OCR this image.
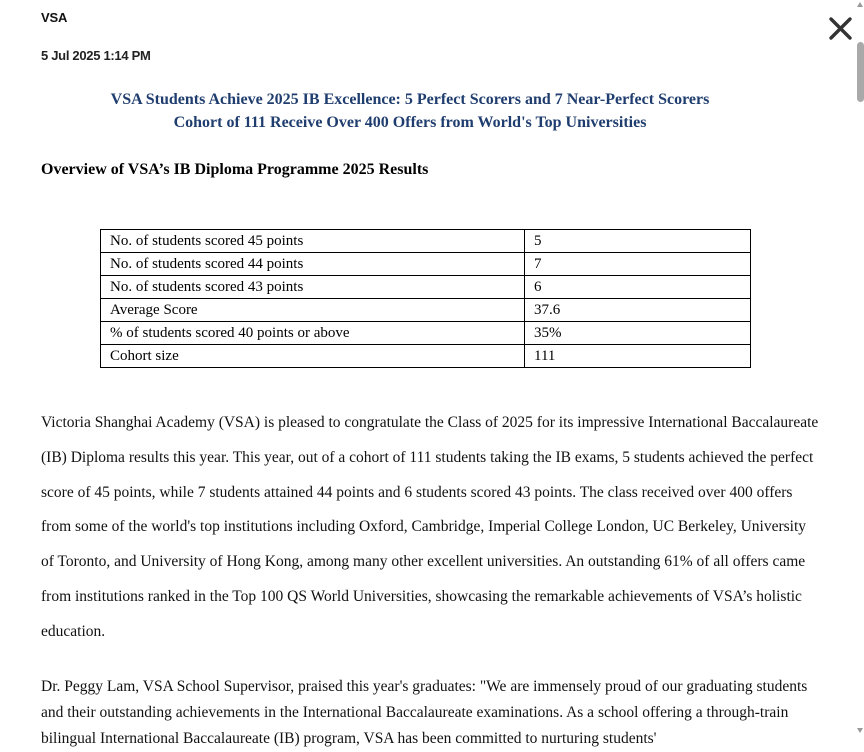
VSA
5 Jul 2025 1:14 PM
VSA Students Achieve 2025 IB Excellence: 5 Perfect Scorers and 7 Near-Perfect Scorers
Cohort of 111 Receive Over 400 Offers from World's Top Universities
Overview of VSA’s IB Diploma Programme 2025 Results
No. of students scored 45 points	5
No. of students scored 44 points	7
No. of students scored 43 points	6
Average Score	37.6
% of students scored 40 points or above	35%
Cohort size	111

Victoria Shanghai Academy (VSA) is pleased to congratulate the Class of 2025 for its impressive International Baccalaureate (IB) Diploma results this year. This year, out of a cohort of 111 students taking the IB exams, 5 students achieved the perfect score of 45 points, while 7 students attained 44 points and 6 students scored 43 points. The class received over 400 offers from some of the world's top institutions including Oxford, Cambridge, Imperial College London, UC Berkeley, University of Toronto, and University of Hong Kong, among many other excellent universities. An outstanding 61% of all offers came from institutions ranked in the Top 100 QS World Universities, showcasing the remarkable achievements of VSA’s holistic education.

Dr. Peggy Lam, VSA School Supervisor, praised this year's graduates: "We are immensely proud of our graduating students and their outstanding achievements in the International Baccalaureate examinations. As a school offering a through-train bilingual International Baccalaureate (IB) program, VSA has been committed to nurturing students'
